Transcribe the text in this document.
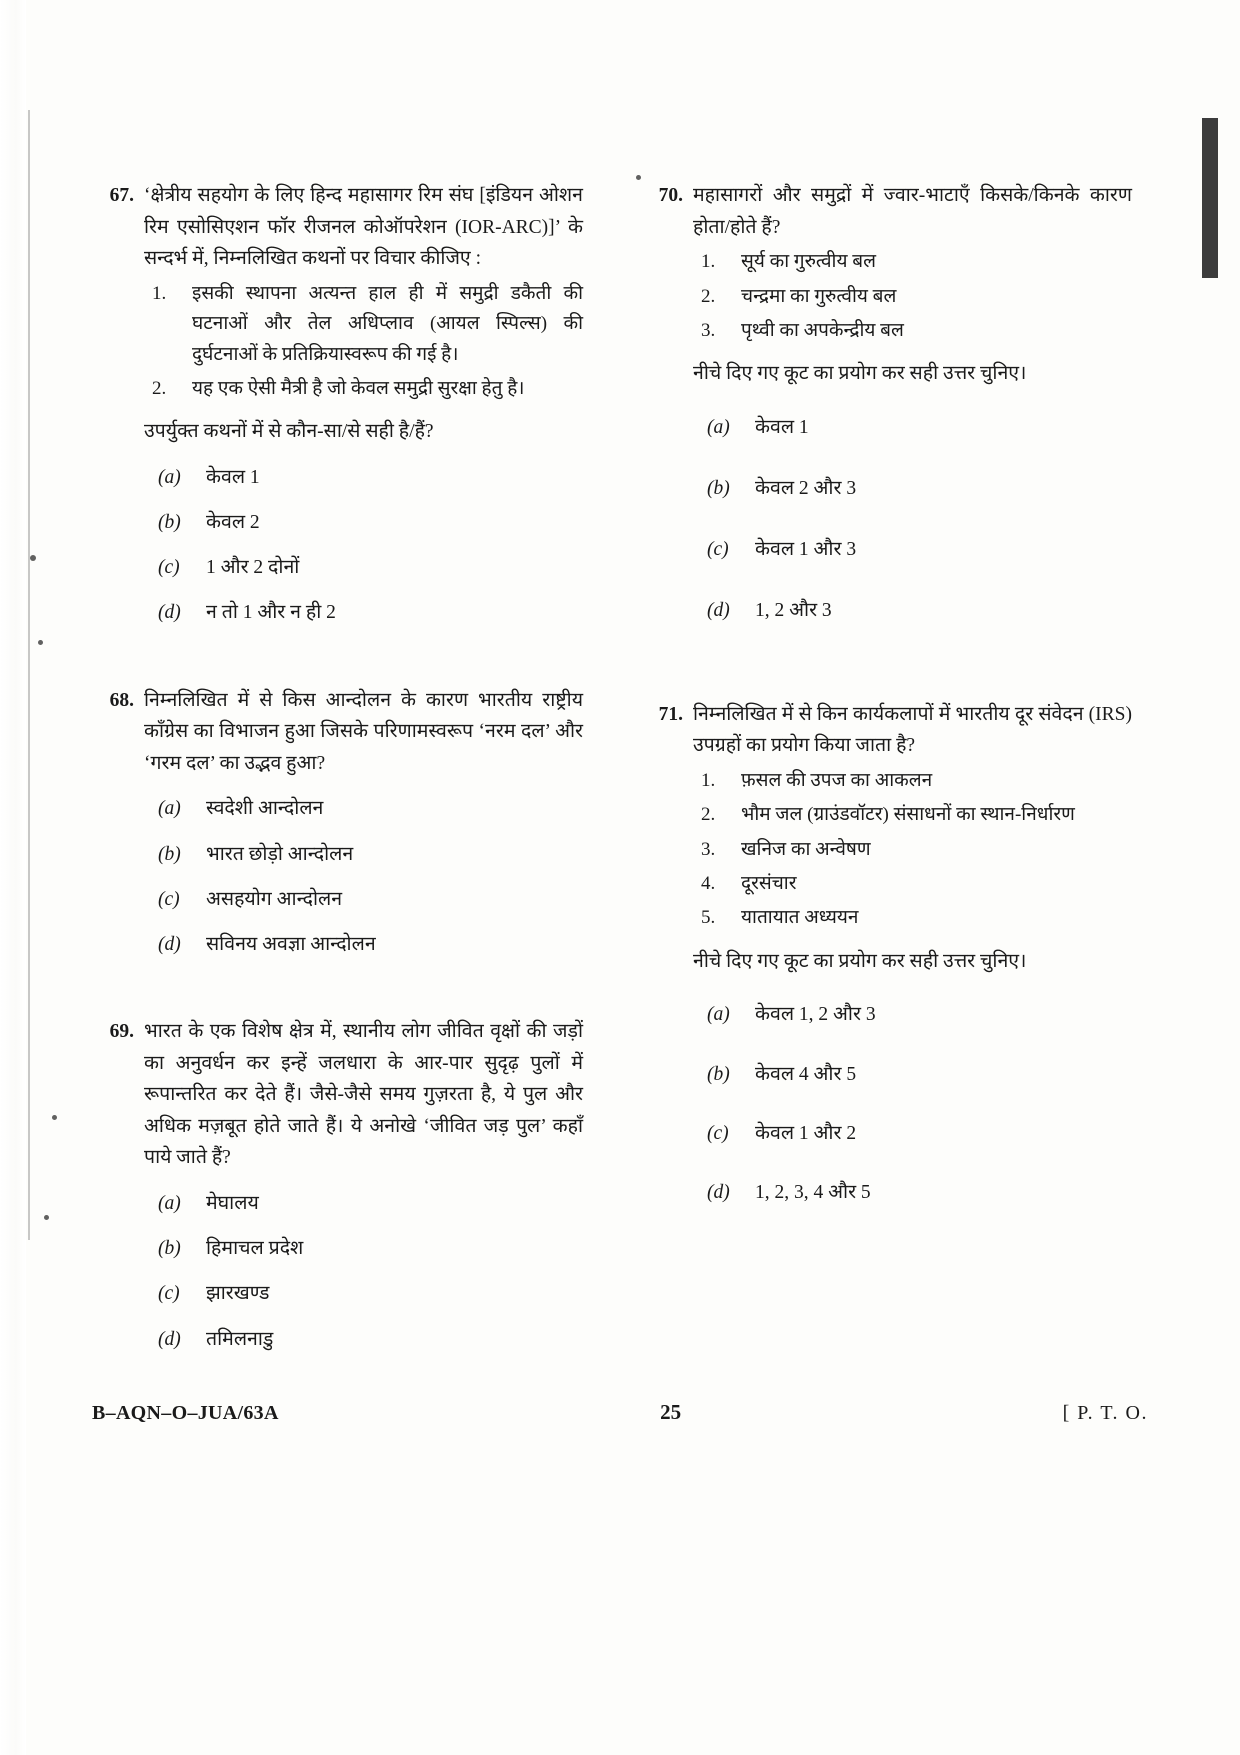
67. ‘क्षेत्रीय सहयोग के लिए हिन्द महासागर रिम संघ [इंडियन ओशन रिम एसोसिएशन फॉर रीजनल कोऑपरेशन (IOR-ARC)]’ के सन्दर्भ में, निम्नलिखित कथनों पर विचार कीजिए :
1.	इसकी स्थापना अत्यन्त हाल ही में समुद्री डकैती की घटनाओं और तेल अधिप्लाव (आयल स्पिल्स) की दुर्घटनाओं के प्रतिक्रियास्वरूप की गई है।
2.	यह एक ऐसी मैत्री है जो केवल समुद्री सुरक्षा हेतु है।
उपर्युक्त कथनों में से कौन-सा/से सही है/हैं?
(a)	केवल 1
(b)	केवल 2
(c)	1 और 2 दोनों
(d)	न तो 1 और न ही 2
68. निम्नलिखित में से किस आन्दोलन के कारण भारतीय राष्ट्रीय काँग्रेस का विभाजन हुआ जिसके परिणामस्वरूप ‘नरम दल’ और ‘गरम दल’ का उद्भव हुआ?
(a)	स्वदेशी आन्दोलन
(b)	भारत छोड़ो आन्दोलन
(c)	असहयोग आन्दोलन
(d)	सविनय अवज्ञा आन्दोलन
69. भारत के एक विशेष क्षेत्र में, स्थानीय लोग जीवित वृक्षों की जड़ों का अनुवर्धन कर इन्हें जलधारा के आर-पार सुदृढ़ पुलों में रूपान्तरित कर देते हैं। जैसे-जैसे समय गुज़रता है, ये पुल और अधिक मज़बूत होते जाते हैं। ये अनोखे ‘जीवित जड़ पुल’ कहाँ पाये जाते हैं?
(a)	मेघालय
(b)	हिमाचल प्रदेश
(c)	झारखण्ड
(d)	तमिलनाडु
70. महासागरों और समुद्रों में ज्वार-भाटाएँ किसके/किनके कारण होता/होते हैं?
1.	सूर्य का गुरुत्वीय बल
2.	चन्द्रमा का गुरुत्वीय बल
3.	पृथ्वी का अपकेन्द्रीय बल
नीचे दिए गए कूट का प्रयोग कर सही उत्तर चुनिए।
(a)	केवल 1
(b)	केवल 2 और 3
(c)	केवल 1 और 3
(d)	1, 2 और 3
71. निम्नलिखित में से किन कार्यकलापों में भारतीय दूर संवेदन (IRS) उपग्रहों का प्रयोग किया जाता है?
1.	फ़सल की उपज का आकलन
2.	भौम जल (ग्राउंडवॉटर) संसाधनों का स्थान-निर्धारण
3.	खनिज का अन्वेषण
4.	दूरसंचार
5.	यातायात अध्ययन
नीचे दिए गए कूट का प्रयोग कर सही उत्तर चुनिए।
(a)	केवल 1, 2 और 3
(b)	केवल 4 और 5
(c)	केवल 1 और 2
(d)	1, 2, 3, 4 और 5
B–AQN–O–JUA/63A	25	[ P. T. O.
